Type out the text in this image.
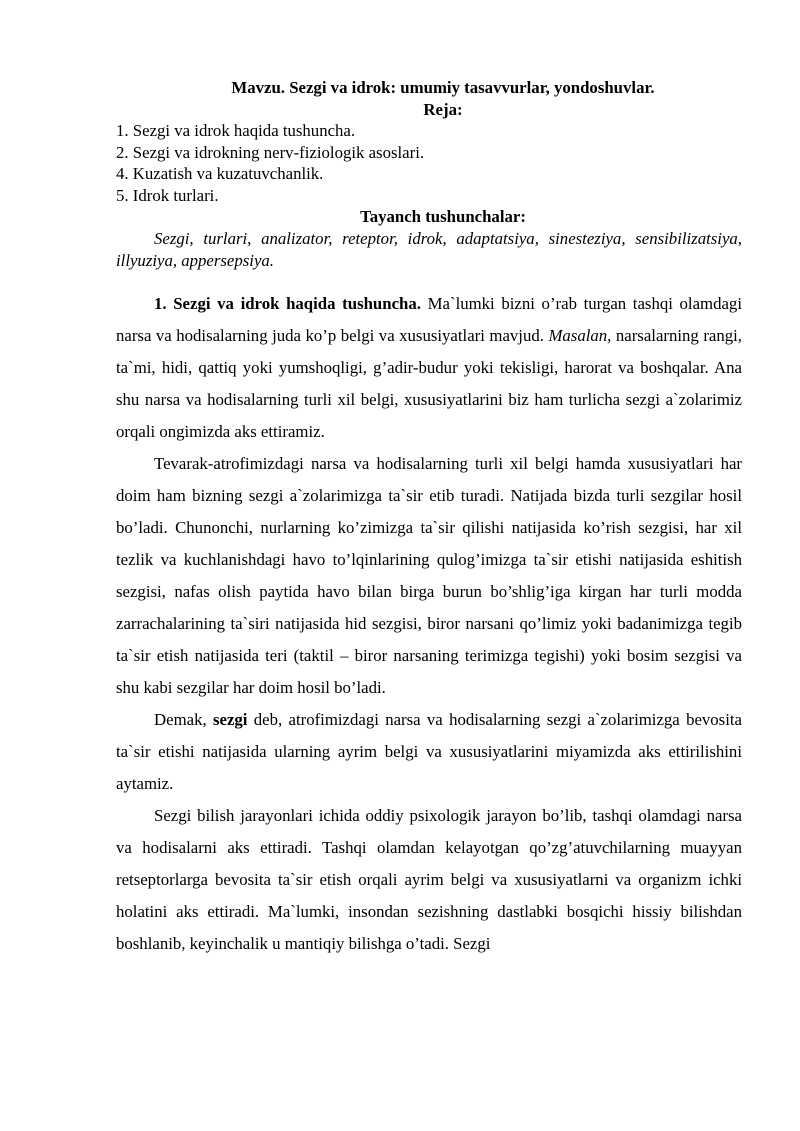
Mavzu. Sezgi va idrok: umumiy tasavvurlar, yondoshuvlar.
Reja:
1. Sezgi va idrok haqida tushuncha.
2. Sezgi va idrokning nerv-fiziologik asoslari.
4. Kuzatish va kuzatuvchanlik.
5. Idrok turlari.
Tayanch tushunchalar:
Sezgi, turlari, analizator, reteptor, idrok, adaptatsiya, sinesteziya, sensibilizatsiya, illyuziya, appersepsiya.

1. Sezgi va idrok haqida tushuncha. Ma`lumki bizni o’rab turgan tashqi olamdagi narsa va hodisalarning juda ko’p belgi va xususiyatlari mavjud. Masalan, narsalarning rangi, ta`mi, hidi, qattiq yoki yumshoqligi, g’adir-budur yoki tekisligi, harorat va boshqalar. Ana shu narsa va hodisalarning turli xil belgi, xususiyatlarini biz ham turlicha sezgi a`zolarimiz orqali ongimizda aks ettiramiz.

Tevarak-atrofimizdagi narsa va hodisalarning turli xil belgi hamda xususiyatlari har doim ham bizning sezgi a`zolarimizga ta`sir etib turadi. Natijada bizda turli sezgilar hosil bo’ladi. Chunonchi, nurlarning ko’zimizga ta`sir qilishi natijasida ko’rish sezgisi, har xil tezlik va kuchlanishdagi havo to’lqinlarining qulog’imizga ta`sir etishi natijasida eshitish sezgisi, nafas olish paytida havo bilan birga burun bo’shlig’iga kirgan har turli modda zarrachalarining ta`siri natijasida hid sezgisi, biror narsani qo’limiz yoki badanimizga tegib ta`sir etish natijasida teri (taktil – biror narsaning terimizga tegishi) yoki bosim sezgisi va shu kabi sezgilar har doim hosil bo’ladi.

Demak, sezgi deb, atrofimizdagi narsa va hodisalarning sezgi a`zolarimizga bevosita ta`sir etishi natijasida ularning ayrim belgi va xususiyatlarini miyamizda aks ettirilishini aytamiz.

Sezgi bilish jarayonlari ichida oddiy psixologik jarayon bo’lib, tashqi olamdagi narsa va hodisalarni aks ettiradi. Tashqi olamdan kelayotgan qo’zg’atuvchilarning muayyan retseptorlarga bevosita ta`sir etish orqali ayrim belgi va xususiyatlarni va organizm ichki holatini aks ettiradi. Ma`lumki, insondan sezishning dastlabki bosqichi hissiy bilishdan boshlanib, keyinchalik u mantiqiy bilishga o’tadi. Sezgi
